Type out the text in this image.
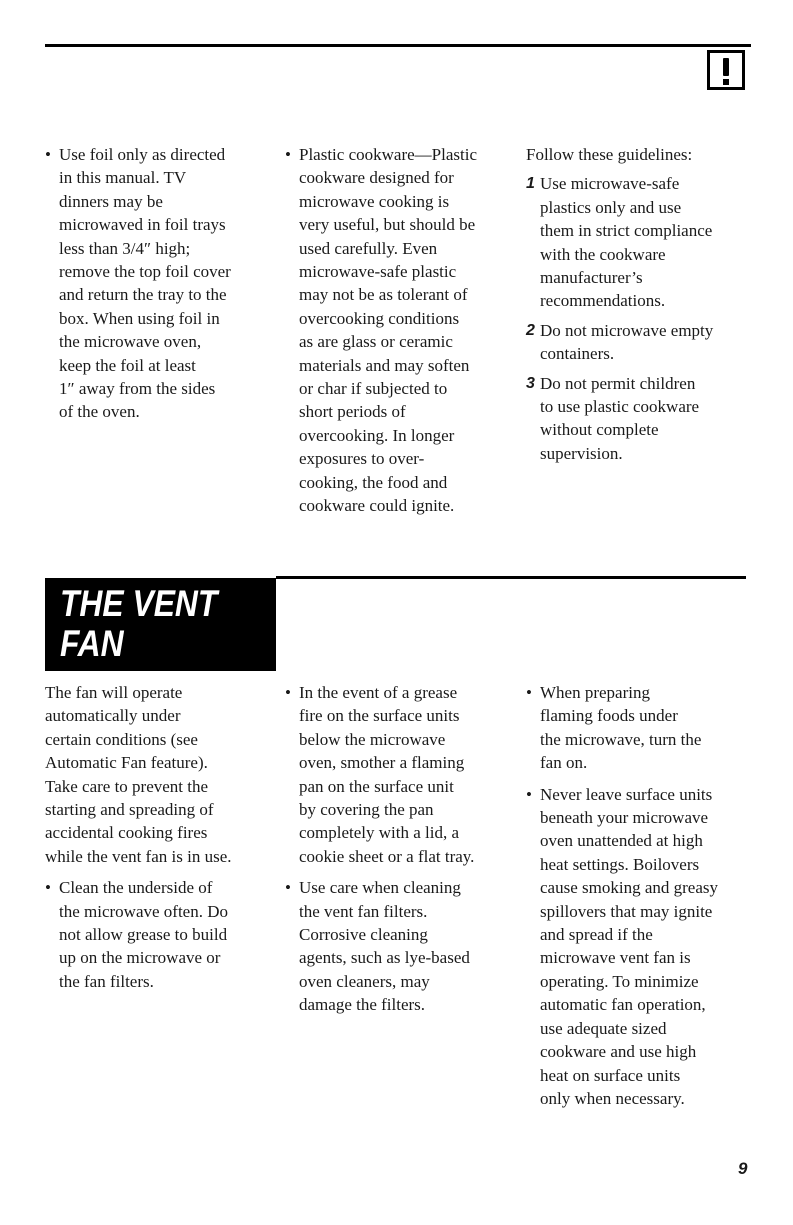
• Use foil only as directed

in this manual. TV

dinners may be

microwaved in foil trays

less than 3/4″ high;

remove the top foil cover

and return the tray to the

box. When using foil in

the microwave oven,

keep the foil at least

1″ away from the sides

of the oven.

• Plastic cookware—Plastic

cookware designed for

microwave cooking is

very useful, but should be

used carefully. Even

microwave-safe plastic

may not be as tolerant of

overcooking conditions

as are glass or ceramic

materials and may soften

or char if subjected to

short periods of

overcooking. In longer

exposures to over-

cooking, the food and

cookware could ignite.

Follow these guidelines:

1 Use microwave-safe

plastics only and use

them in strict compliance

with the cookware

manufacturer’s

recommendations.

2 Do not microwave empty

containers.

3 Do not permit children

to use plastic cookware

without complete

supervision.

THE VENT
FAN

The fan will operate

automatically under

certain conditions (see

Automatic Fan feature).

Take care to prevent the

starting and spreading of

accidental cooking fires

while the vent fan is in use.

• Clean the underside of

the microwave often. Do

not allow grease to build

up on the microwave or

the fan filters.

• In the event of a grease

fire on the surface units

below the microwave

oven, smother a flaming

pan on the surface unit

by covering the pan

completely with a lid, a

cookie sheet or a flat tray.

• Use care when cleaning

the vent fan filters.

Corrosive cleaning

agents, such as lye-based

oven cleaners, may

damage the filters.

• When preparing

flaming foods under

the microwave, turn the

fan on.

• Never leave surface units

beneath your microwave

oven unattended at high

heat settings. Boilovers

cause smoking and greasy

spillovers that may ignite

and spread if the

microwave vent fan is

operating. To minimize

automatic fan operation,

use adequate sized

cookware and use high

heat on surface units

only when necessary.

9
